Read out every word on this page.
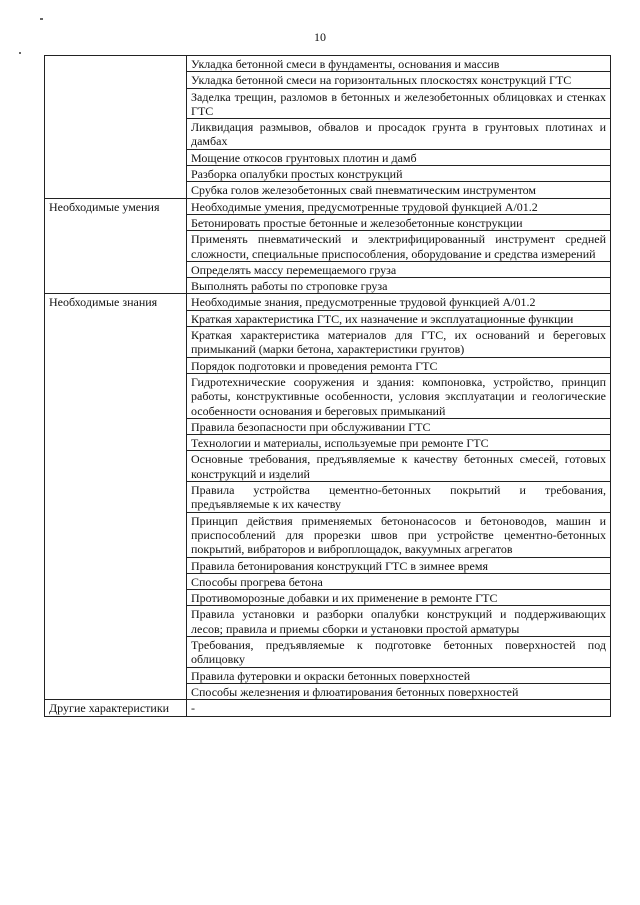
10
	Укладка бетонной смеси в фундаменты, основания и массив
	Укладка бетонной смеси на горизонтальных плоскостях конструкций ГТС
	Заделка трещин, разломов в бетонных и железобетонных облицовках и стенках ГТС
	Ликвидация размывов, обвалов и просадок грунта в грунтовых плотинах и дамбах
	Мощение откосов грунтовых плотин и дамб
	Разборка опалубки простых конструкций
	Срубка голов железобетонных свай пневматическим инструментом
Необходимые умения	Необходимые умения, предусмотренные трудовой функцией А/01.2
	Бетонировать простые бетонные и железобетонные конструкции
	Применять пневматический и электрифицированный инструмент средней сложности, специальные приспособления, оборудование и средства измерений
	Определять массу перемещаемого груза
	Выполнять работы по строповке груза
Необходимые знания	Необходимые знания, предусмотренные трудовой функцией А/01.2
	Краткая характеристика ГТС, их назначение и эксплуатационные функции
	Краткая характеристика материалов для ГТС, их оснований и береговых примыканий (марки бетона, характеристики грунтов)
	Порядок подготовки и проведения ремонта ГТС
	Гидротехнические сооружения и здания: компоновка, устройство, принцип работы, конструктивные особенности, условия эксплуатации и геологические особенности основания и береговых примыканий
	Правила безопасности при обслуживании ГТС
	Технологии и материалы, используемые при ремонте ГТС
	Основные требования, предъявляемые к качеству бетонных смесей, готовых конструкций и изделий
	Правила устройства цементно-бетонных покрытий и требования, предъявляемые к их качеству
	Принцип действия применяемых бетононасосов и бетоноводов, машин и приспособлений для прорезки швов при устройстве цементно-бетонных покрытий, вибраторов и виброплощадок, вакуумных агрегатов
	Правила бетонирования конструкций ГТС в зимнее время
	Способы прогрева бетона
	Противоморозные добавки и их применение в ремонте ГТС
	Правила установки и разборки опалубки конструкций и поддерживающих лесов; правила и приемы сборки и установки простой арматуры
	Требования, предъявляемые к подготовке бетонных поверхностей под облицовку
	Правила футеровки и окраски бетонных поверхностей
	Способы железнения и флюатирования бетонных поверхностей
Другие характеристики	-
